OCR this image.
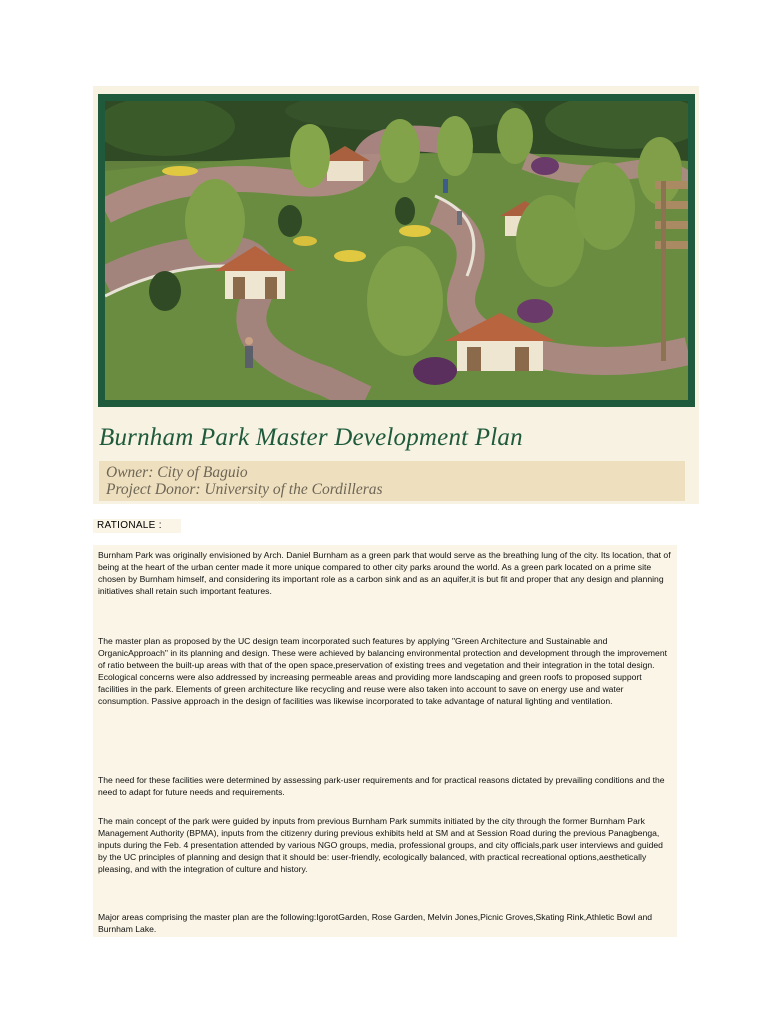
Burnham Park Master Development Plan
Owner: City of Baguio
Project Donor: University of the Cordilleras
RATIONALE :

Burnham Park was originally envisioned by Arch. Daniel Burnham as a green park that would serve as the breathing lung of the city. Its location, that of being at the heart of the urban center made it more unique compared to other city parks around the world. As a green park located on a prime site chosen by Burnham himself, and considering its important role as a carbon sink and as an aquifer,it is but fit and proper that any design and planning initiatives shall retain such important features.

The master plan as proposed by the UC design team incorporated such features by applying "Green Architecture and Sustainable and OrganicApproach" in its planning and design. These were achieved by balancing environmental protection and development through the improvement of ratio between the built-up areas with that of the open space,preservation of existing trees and vegetation and their integration in the total design. Ecological concerns were also addressed by increasing permeable areas and providing more landscaping and green roofs to proposed support facilities in the park. Elements of green architecture like recycling and reuse were also taken into account to save on energy use and water consumption. Passive approach in the design of facilities was likewise incorporated to take advantage of natural lighting and ventilation.

The need for these facilities were determined by assessing park-user requirements and for practical reasons dictated by prevailing conditions and the need to adapt for future needs and requirements.

The main concept of the park were guided by inputs from previous Burnham Park summits initiated by the city through the former Burnham Park Management Authority (BPMA), inputs from the citizenry during previous exhibits held at SM and at Session Road during the previous Panagbenga, inputs during the Feb. 4 presentation attended by various NGO groups, media, professional groups, and city officials,park user interviews and guided by the UC principles of planning and design that it should be: user-friendly, ecologically balanced, with practical recreational options,aesthetically pleasing, and with the integration of culture and history.

Major areas comprising the master plan are the following:IgorotGarden, Rose Garden, Melvin Jones,Picnic Groves,Skating Rink,Athletic Bowl and Burnham Lake.
